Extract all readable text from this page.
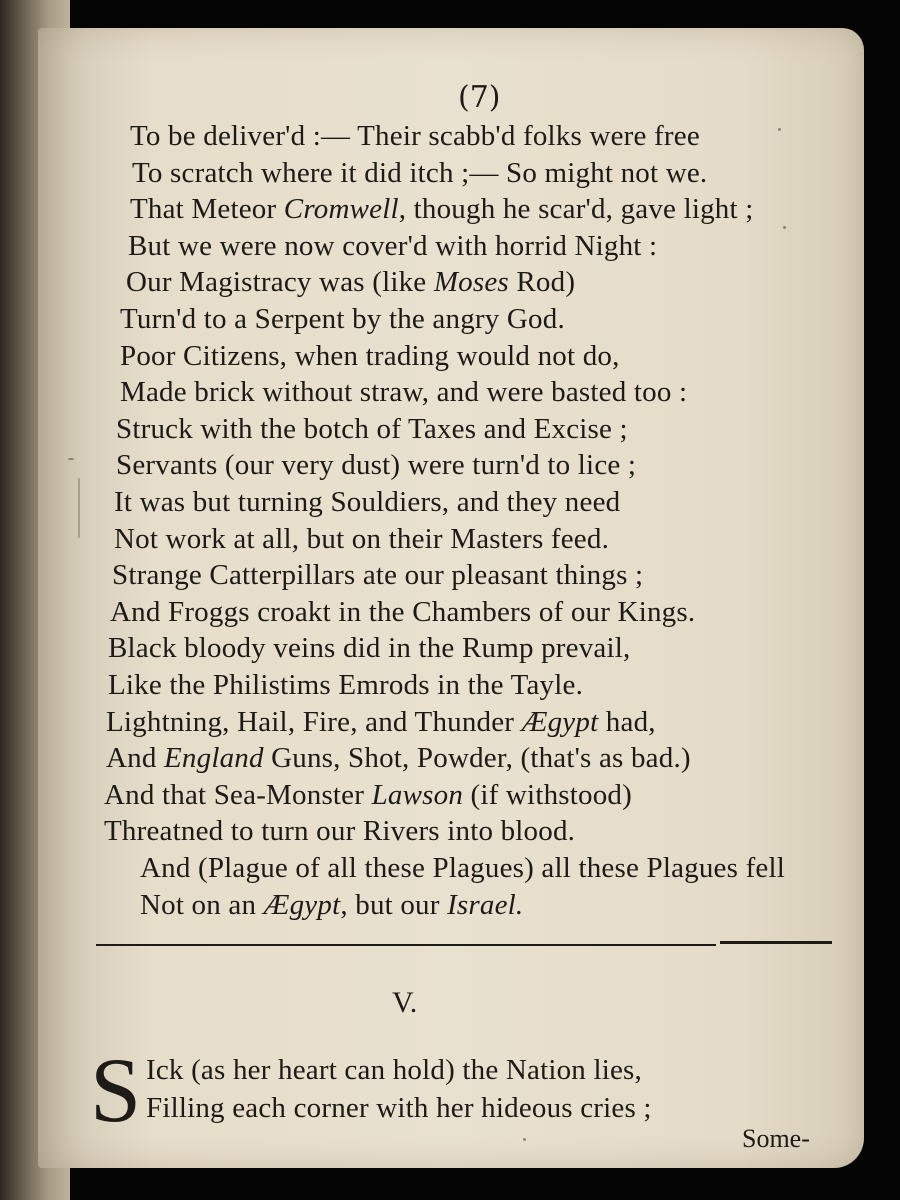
(7)
To be deliver'd :— Their scabb'd folks were free
To scratch where it did itch ;— So might not we.
That Meteor Cromwell, though he scar'd, gave light ;
But we were now cover'd with horrid Night :
Our Magistracy was (like Moses Rod)
Turn'd to a Serpent by the angry God.
Poor Citizens, when trading would not do,
Made brick without straw, and were basted too :
Struck with the botch of Taxes and Excise ;
Servants (our very dust) were turn'd to lice ;
It was but turning Souldiers, and they need
Not work at all, but on their Masters feed.
Strange Catterpillars ate our pleasant things ;
And Froggs croakt in the Chambers of our Kings.
Black bloody veins did in the Rump prevail,
Like the Philistims Emrods in the Tayle.
Lightning, Hail, Fire, and Thunder Ægypt had,
And England Guns, Shot, Powder, (that's as bad.)
And that Sea-Monster Lawson (if withstood)
Threatned to turn our Rivers into blood.
And (Plague of all these Plagues) all these Plagues fell
Not on an Ægypt, but our Israel.
V.
S Ick (as her heart can hold) the Nation lies,
Filling each corner with her hideous cries ;
Some-
